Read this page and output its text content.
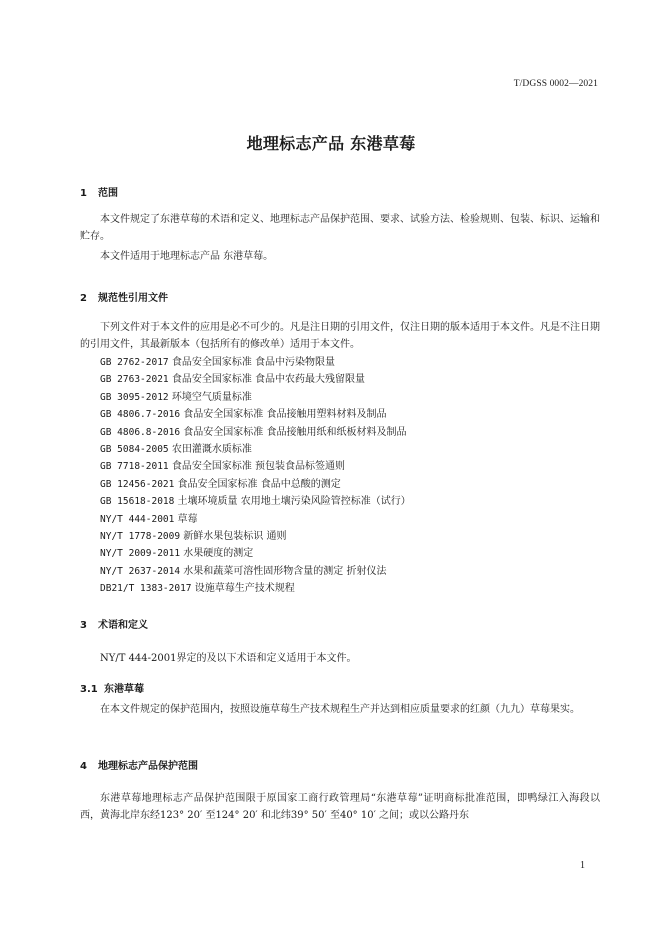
T/DGSS 0002—2021
地理标志产品 东港草莓
1 范围

本文件规定了东港草莓的术语和定义、地理标志产品保护范围、要求、试验方法、检验规则、包装、标识、运输和贮存。

本文件适用于地理标志产品 东港草莓。

2 规范性引用文件

下列文件对于本文件的应用是必不可少的。凡是注日期的引用文件，仅注日期的版本适用于本文件。凡是不注日期的引用文件，其最新版本（包括所有的修改单）适用于本文件。

GB 2762-2017 食品安全国家标准 食品中污染物限量
GB 2763-2021 食品安全国家标准 食品中农药最大残留限量
GB 3095-2012 环境空气质量标准
GB 4806.7-2016 食品安全国家标准 食品接触用塑料材料及制品
GB 4806.8-2016 食品安全国家标准 食品接触用纸和纸板材料及制品
GB 5084-2005 农田灌溉水质标准
GB 7718-2011 食品安全国家标准 预包装食品标签通则
GB 12456-2021 食品安全国家标准 食品中总酸的测定
GB 15618-2018 土壤环境质量 农用地土壤污染风险管控标准（试行）
NY/T 444-2001 草莓
NY/T 1778-2009 新鲜水果包装标识 通则
NY/T 2009-2011 水果硬度的测定
NY/T 2637-2014 水果和蔬菜可溶性固形物含量的测定 折射仪法
DB21/T 1383-2017 设施草莓生产技术规程
3 术语和定义

NY/T 444-2001界定的及以下术语和定义适用于本文件。

3.1 东港草莓

在本文件规定的保护范围内，按照设施草莓生产技术规程生产并达到相应质量要求的红颜（九九）草莓果实。

4 地理标志产品保护范围

东港草莓地理标志产品保护范围限于原国家工商行政管理局“东港草莓”证明商标批准范围，即鸭绿江入海段以西，黄海北岸东经123° 20′ 至124° 20′ 和北纬39° 50′ 至40° 10′ 之间；或以公路丹东

1
